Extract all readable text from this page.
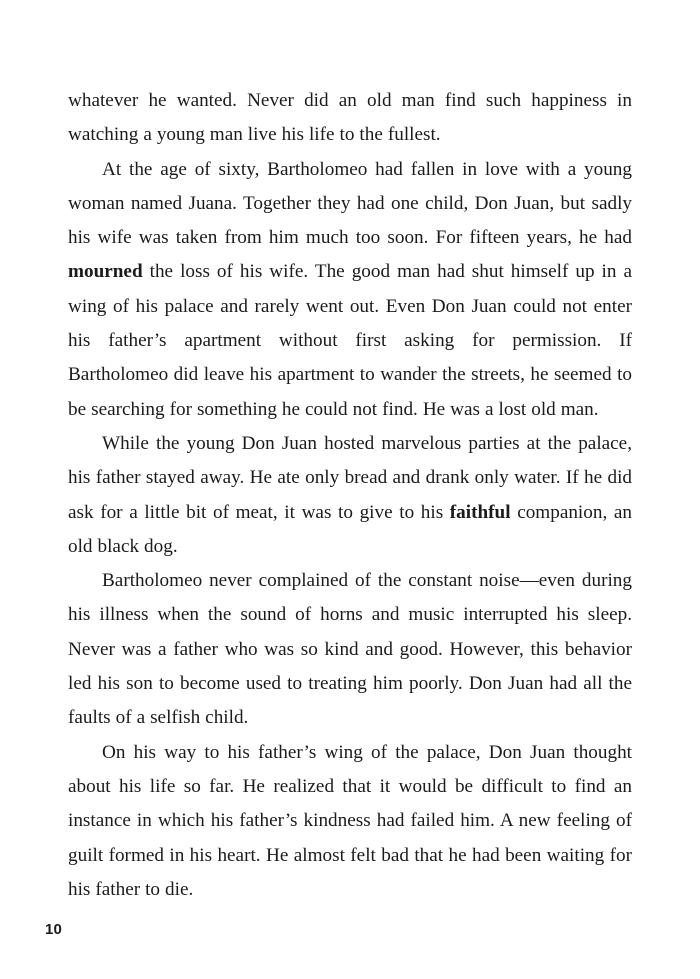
whatever he wanted. Never did an old man find such happiness in watching a young man live his life to the fullest.

At the age of sixty, Bartholomeo had fallen in love with a young woman named Juana. Together they had one child, Don Juan, but sadly his wife was taken from him much too soon. For fifteen years, he had mourned the loss of his wife. The good man had shut himself up in a wing of his palace and rarely went out. Even Don Juan could not enter his father’s apartment without first asking for permission. If Bartholomeo did leave his apartment to wander the streets, he seemed to be searching for something he could not find. He was a lost old man.

While the young Don Juan hosted marvelous parties at the palace, his father stayed away. He ate only bread and drank only water. If he did ask for a little bit of meat, it was to give to his faithful companion, an old black dog.

Bartholomeo never complained of the constant noise—even during his illness when the sound of horns and music interrupted his sleep. Never was a father who was so kind and good. However, this behavior led his son to become used to treating him poorly. Don Juan had all the faults of a selfish child.

On his way to his father’s wing of the palace, Don Juan thought about his life so far. He realized that it would be difficult to find an instance in which his father’s kindness had failed him. A new feeling of guilt formed in his heart. He almost felt bad that he had been waiting for his father to die.

10
